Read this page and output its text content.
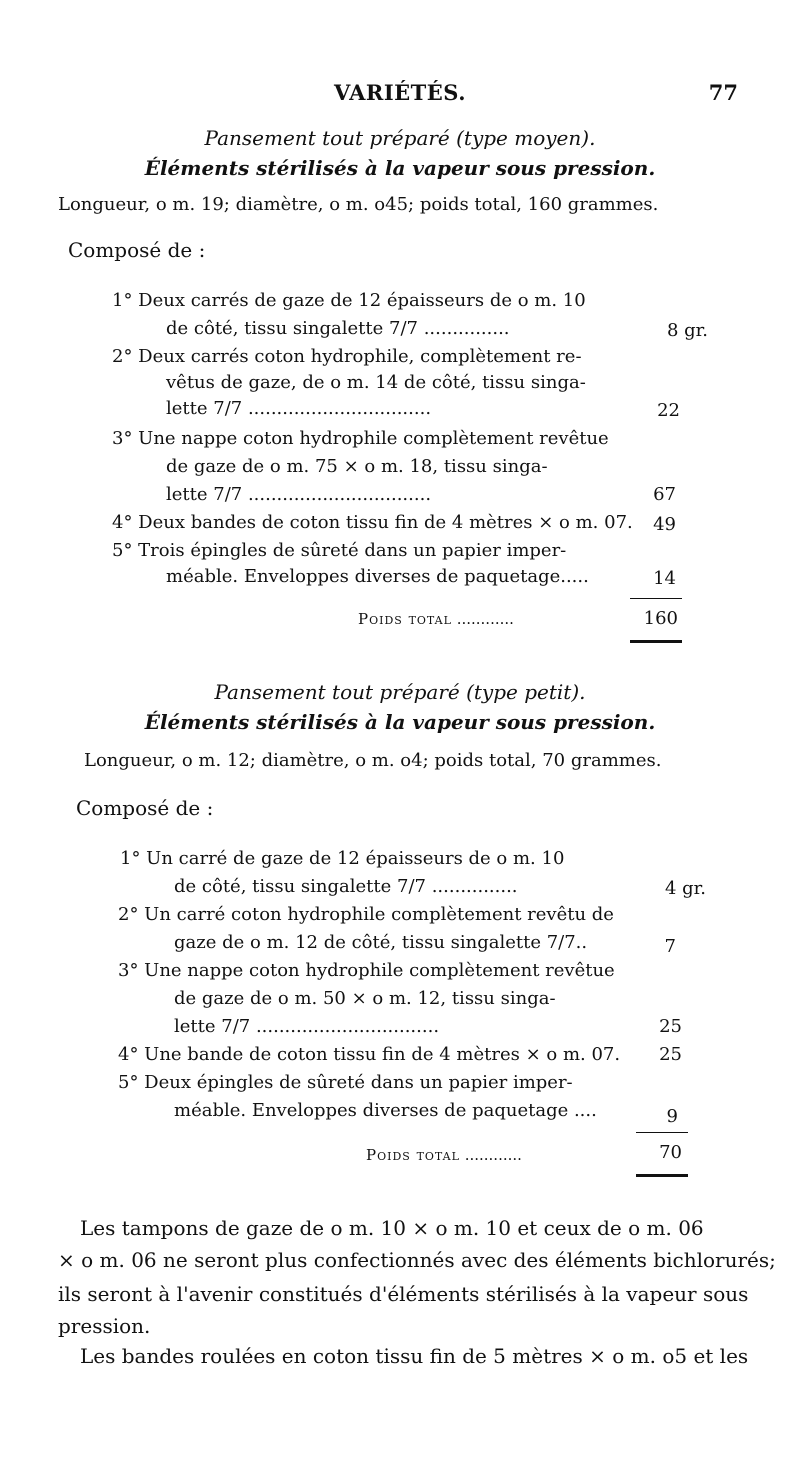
VARIÉTÉS.	77
Pansement tout préparé (type moyen).
Éléments stérilisés à la vapeur sous pression.
Longueur, o m. 19; diamètre, o m. o45; poids total, 160 grammes.
Composé de :
1° Deux carrés de gaze de 12 épaisseurs de o m. 10
de côté, tissu singalette 7/7 ...............	8 gr.
2° Deux carrés coton hydrophile, complètement re-
vêtus de gaze, de o m. 14 de côté, tissu singa-
lette 7/7 ................................	22
3° Une nappe coton hydrophile complètement revêtue
de gaze de o m. 75 × o m. 18, tissu singa-
lette 7/7 ................................	67
4° Deux bandes de coton tissu fin de 4 mètres × o m. 07. 49
5° Trois épingles de sûreté dans un papier imper-
méable. Enveloppes diverses de paquetage.....	14
Poids total ............	160
Pansement tout préparé (type petit).
Éléments stérilisés à la vapeur sous pression.
Longueur, o m. 12; diamètre, o m. o4; poids total, 70 grammes.
Composé de :
1° Un carré de gaze de 12 épaisseurs de o m. 10
de côté, tissu singalette 7/7 ...............	4 gr.
2° Un carré coton hydrophile complètement revêtu de
gaze de o m. 12 de côté, tissu singalette 7/7..	7
3° Une nappe coton hydrophile complètement revêtue
de gaze de o m. 50 × o m. 12, tissu singa-
lette 7/7 ................................	25
4° Une bande de coton tissu fin de 4 mètres × o m. 07. 25
5° Deux épingles de sûreté dans un papier imper-
méable. Enveloppes diverses de paquetage ....	9
Poids total ............	70
Les tampons de gaze de o m. 10 × o m. 10 et ceux de o m. 06
× o m. 06 ne seront plus confectionnés avec des éléments bichlorurés;
ils seront à l'avenir constitués d'éléments stérilisés à la vapeur sous
pression.
Les bandes roulées en coton tissu fin de 5 mètres × o m. o5 et les
